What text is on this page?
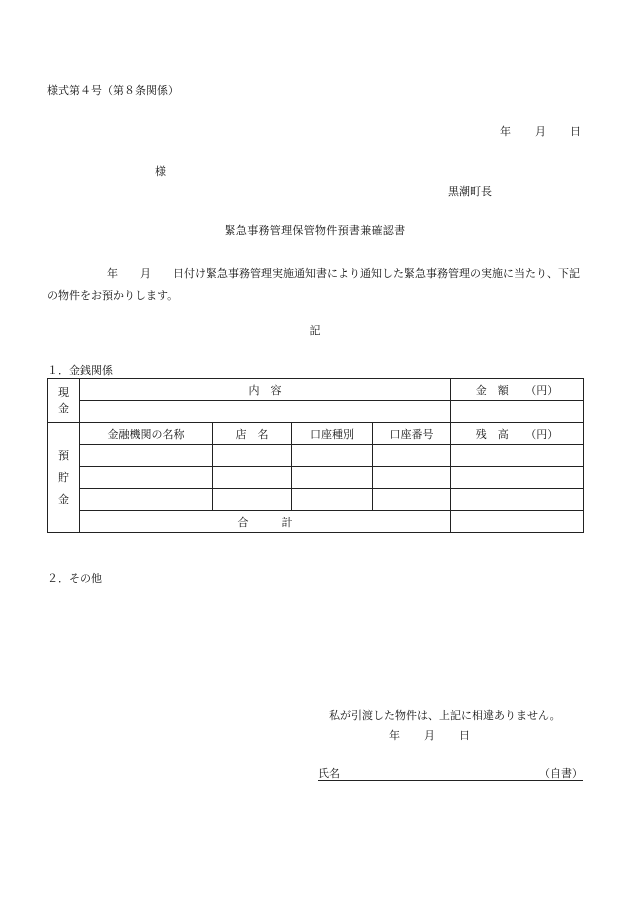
様式第４号（第８条関係）
年 月 日
様
黒潮町長
緊急事務管理保管物件預書兼確認書
年 月 日付け緊急事務管理実施通知書により通知した緊急事務管理の実施に当たり、下記の物件をお預かりします。
記
１．金銭関係
現
金	内　容				金　額　　（円）

預
貯
金	金融機関の名称	店　名	口座種別	口座番号	残　高　　（円）

	合　　　計				
２．その他
私が引渡した物件は、上記に相違ありません。
年 月 日
氏名	（自書）
